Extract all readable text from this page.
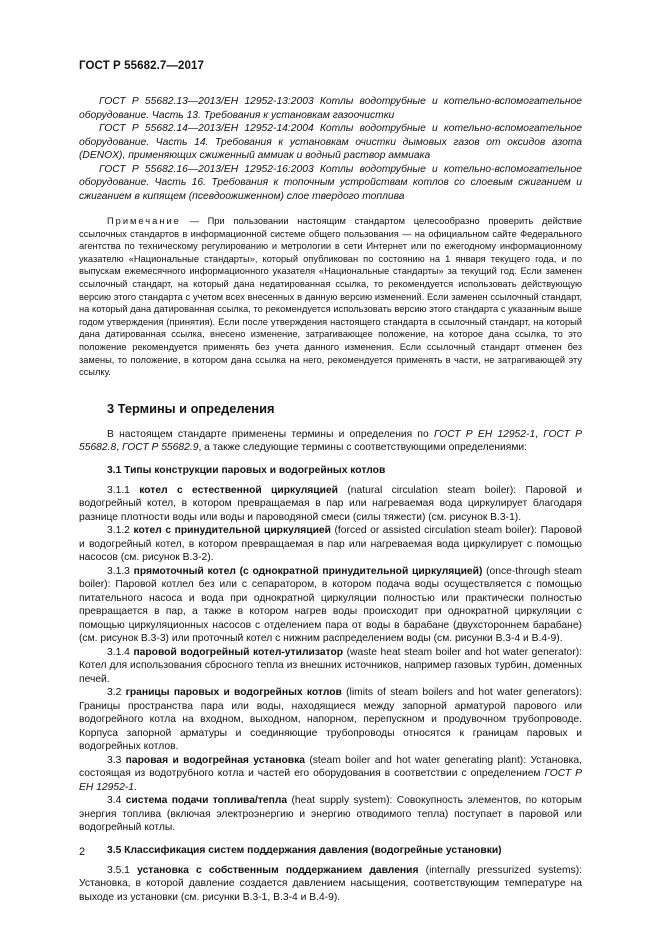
ГОСТ Р 55682.7—2017

ГОСТ Р 55682.13—2013/EH 12952-13:2003 Котлы водотрубные и котельно-вспомогательное оборудование. Часть 13. Требования к установкам газоочистки

ГОСТ Р 55682.14—2013/EH 12952-14:2004 Котлы водотрубные и котельно-вспомогательное оборудование. Часть 14. Требования к установкам очистки дымовых газов от оксидов азота (DENOX), применяющих сжиженный аммиак и водный раствор аммиака

ГОСТ Р 55682.16—2013/EH 12952-16:2003 Котлы водотрубные и котельно-вспомогательное оборудование. Часть 16. Требования к топочным устройствам котлов со слоевым сжиганием и сжиганием в кипящем (псевдоожиженном) слое твердого топлива

Примечание — При пользовании настоящим стандартом целесообразно проверить действие ссылочных стандартов в информационной системе общего пользования — на официальном сайте Федерального агентства по техническому регулированию и метрологии в сети Интернет или по ежегодному информационному указателю «Национальные стандарты», который опубликован по состоянию на 1 января текущего года, и по выпускам ежемесячного информационного указателя «Национальные стандарты» за текущий год. Если заменен ссылочный стандарт, на который дана недатированная ссылка, то рекомендуется использовать действующую версию этого стандарта с учетом всех внесенных в данную версию изменений. Если заменен ссылочный стандарт, на который дана датированная ссылка, то рекомендуется использовать версию этого стандарта с указанным выше годом утверждения (принятия). Если после утверждения настоящего стандарта в ссылочный стандарт, на который дана датированная ссылка, внесено изменение, затрагивающее положение, на которое дана ссылка, то это положение рекомендуется применять без учета данного изменения. Если ссылочный стандарт отменен без замены, то положение, в котором дана ссылка на него, рекомендуется применять в части, не затрагивающей эту ссылку.

3 Термины и определения

В настоящем стандарте применены термины и определения по ГОСТ Р ЕН 12952-1, ГОСТ Р 55682.8, ГОСТ Р 55682.9, а также следующие термины с соответствующими определениями:

3.1 Типы конструкции паровых и водогрейных котлов

3.1.1 котел с естественной циркуляцией (natural circulation steam boiler): Паровой и водогрейный котел, в котором превращаемая в пар или нагреваемая вода циркулирует благодаря разнице плотности воды или воды и пароводяной смеси (силы тяжести) (см. рисунок В.3-1).

3.1.2 котел с принудительной циркуляцией (forced or assisted circulation steam boiler): Паровой и водогрейный котел, в котором превращаемая в пар или нагреваемая вода циркулирует с помощью насосов (см. рисунок В.3-2).

3.1.3 прямоточный котел (с однократной принудительной циркуляцией) (once-through steam boiler): Паровой котлел без или с сепаратором, в котором подача воды осуществляется с помощью питательного насоса и вода при однократной циркуляции полностью или практически полностью превращается в пар, а также в котором нагрев воды происходит при однократной циркуляции с помощью циркуляционных насосов с отделением пара от воды в барабане (двухстороннем барабане) (см. рисунок В.3-3) или проточный котел с нижним распределением воды (см. рисунки В.3-4 и В.4-9).

3.1.4 паровой водогрейный котел-утилизатор (waste heat steam boiler and hot water generator): Котел для использования сбросного тепла из внешних источников, например газовых турбин, доменных печей.

3.2 границы паровых и водогрейных котлов (limits of steam boilers and hot water generators): Границы пространства пара или воды, находящиеся между запорной арматурой парового или водогрейного котла на входном, выходном, напорном, перепускном и продувочном трубопроводе. Корпуса запорной арматуры и соединяющие трубопроводы относятся к границам паровых и водогрейных котлов.

3.3 паровая и водогрейная установка (steam boiler and hot water generating plant): Установка, состоящая из водотрубного котла и частей его оборудования в соответствии с определением ГОСТ Р ЕН 12952-1.

3.4 система подачи топлива/тепла (heat supply system): Совокупность элементов, по которым энергия топлива (включая электроэнергию и энергию отводимого тепла) поступает в паровой или водогрейный котлы.

3.5 Классификация систем поддержания давления (водогрейные установки)

3.5.1 установка с собственным поддержанием давления (internally pressurized systems): Установка, в которой давление создается давлением насыщения, соответствующим температуре на выходе из установки (см. рисунки В.3-1, В.3-4 и В.4-9).

2
